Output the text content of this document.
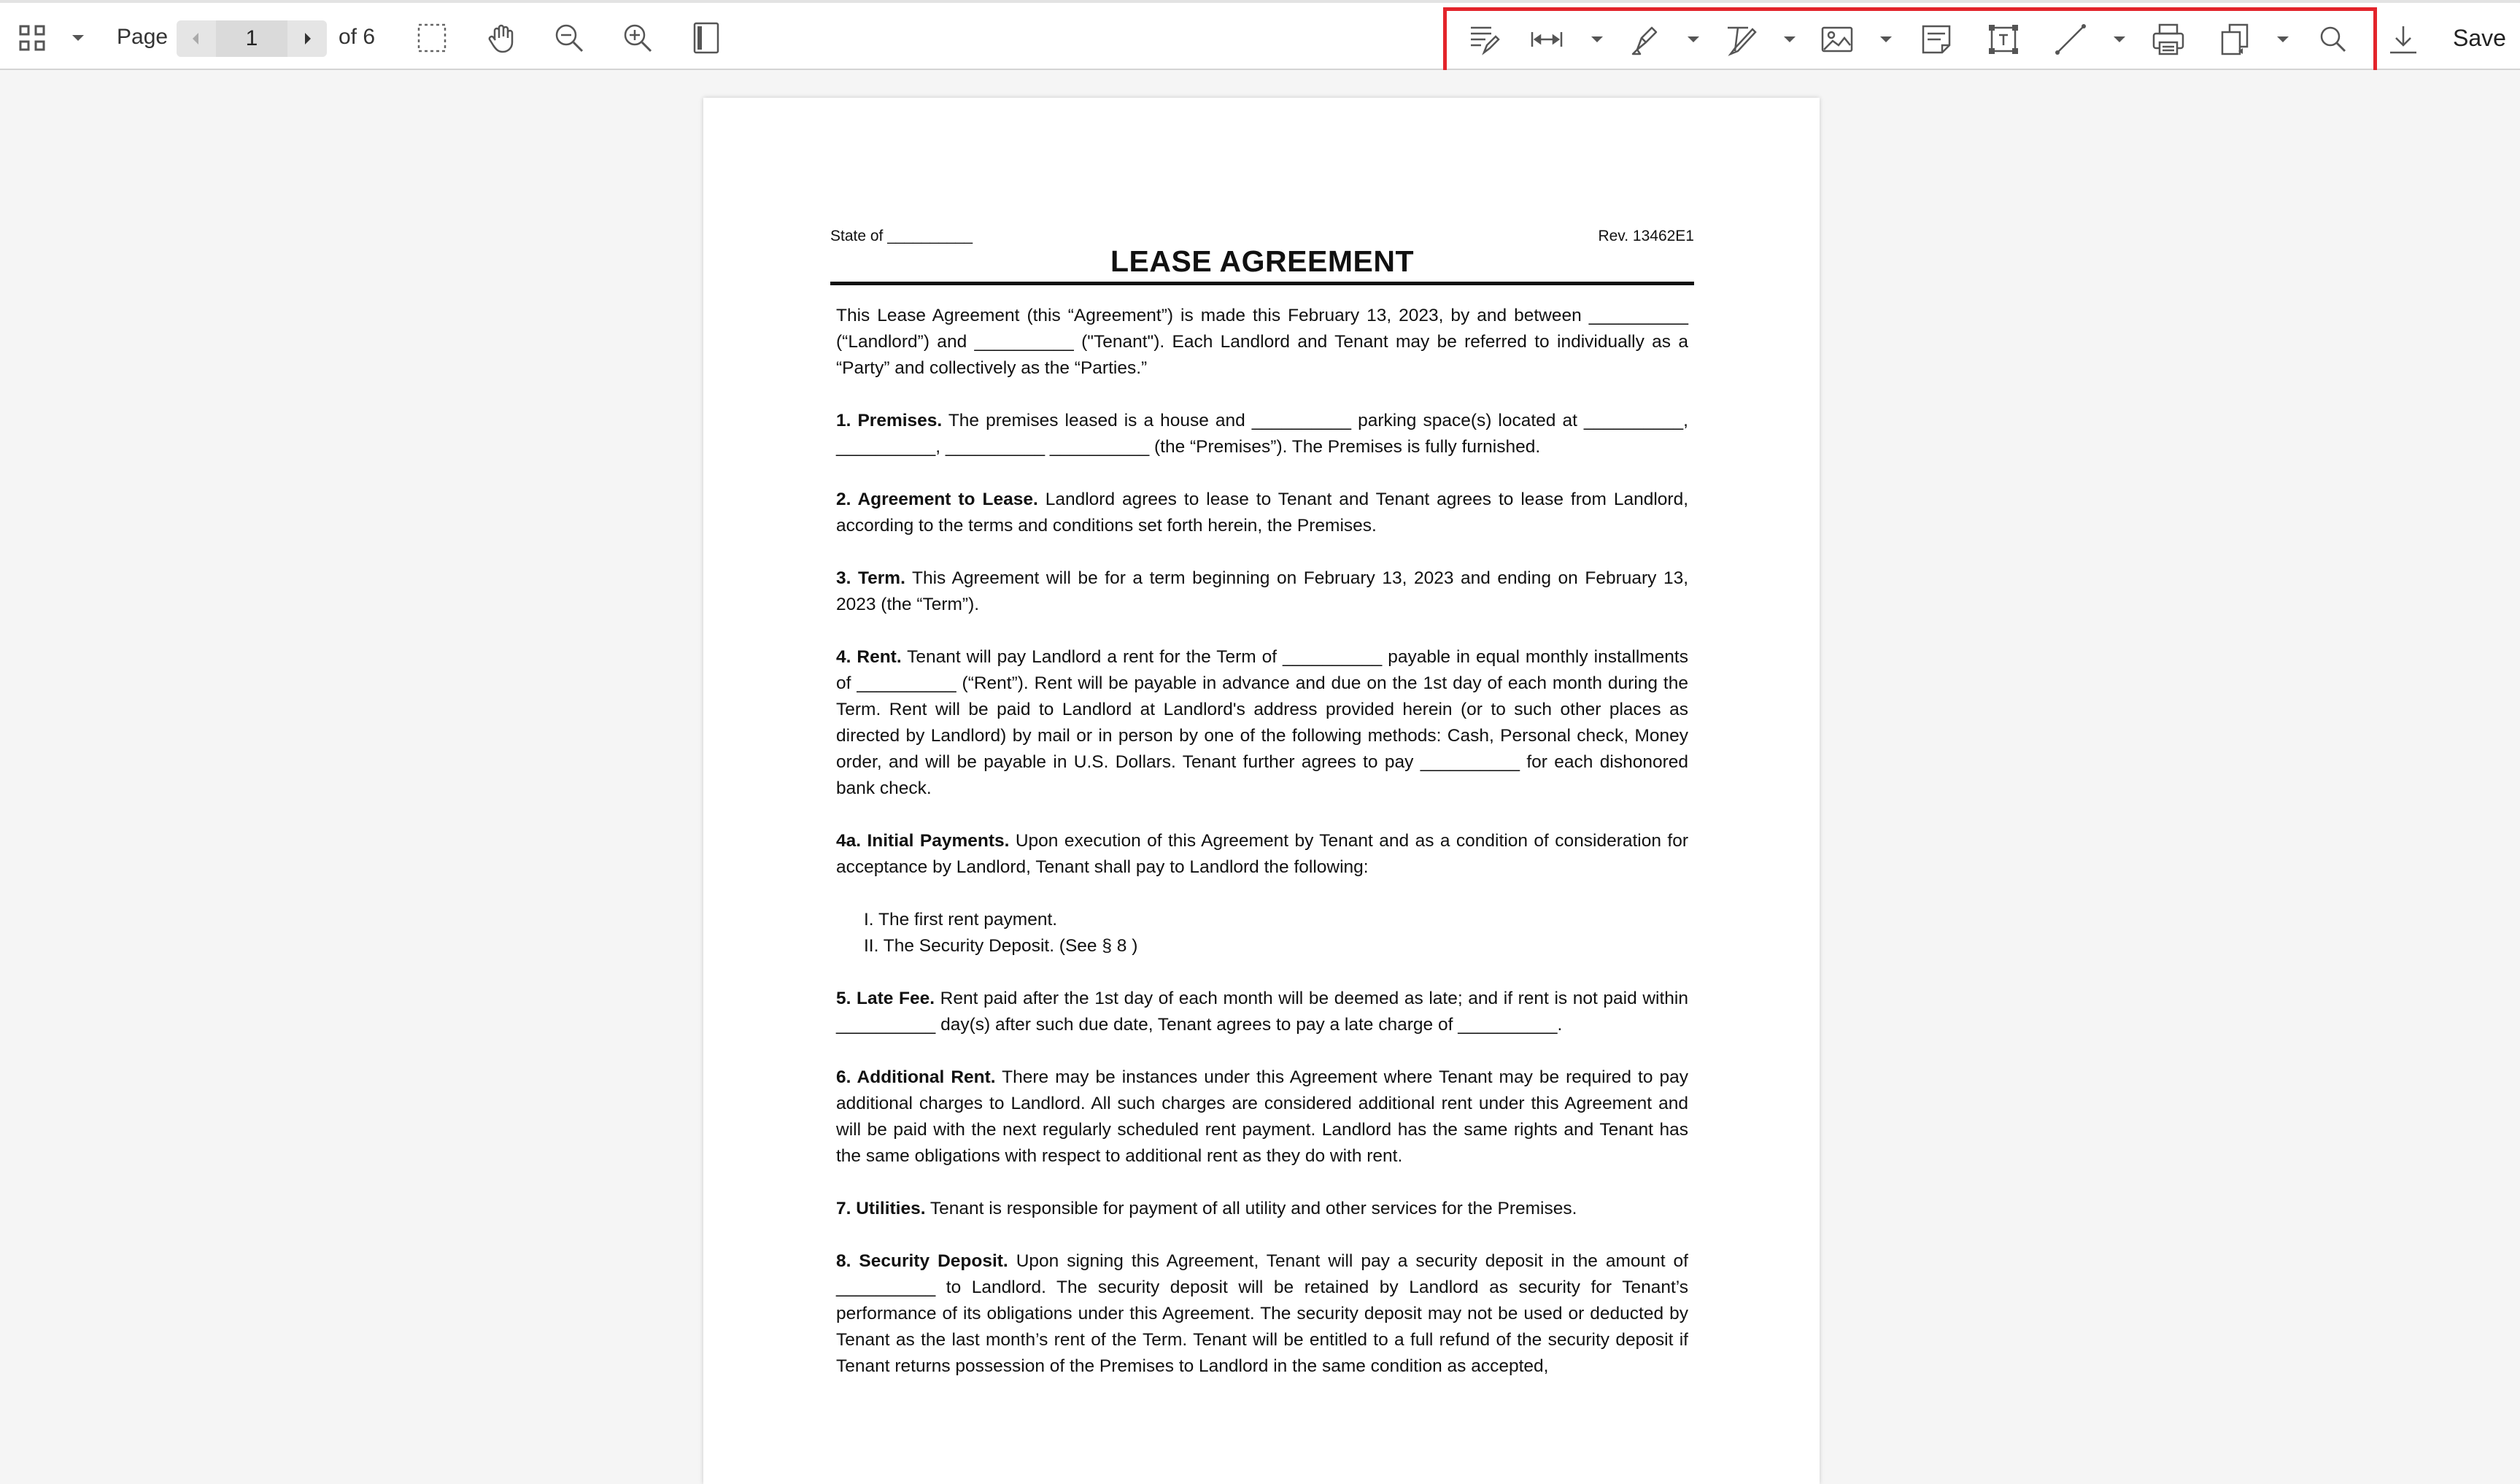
Page
1	of 6	Save
State of __________	Rev. 13462E1
LEASE AGREEMENT

This Lease Agreement (this “Agreement”) is made this February 13, 2023, by and between __________ (“Landlord”) and __________ ("Tenant"). Each Landlord and Tenant may be referred to individually as a “Party” and collectively as the “Parties.”

1. Premises. The premises leased is a house and __________ parking space(s) located at __________, __________, __________ __________ (the “Premises”). The Premises is fully furnished.

2. Agreement to Lease. Landlord agrees to lease to Tenant and Tenant agrees to lease from Landlord, according to the terms and conditions set forth herein, the Premises.

3. Term. This Agreement will be for a term beginning on February 13, 2023 and ending on February 13, 2023 (the “Term”).

4. Rent. Tenant will pay Landlord a rent for the Term of __________ payable in equal monthly installments of __________ (“Rent”). Rent will be payable in advance and due on the 1st day of each month during the Term. Rent will be paid to Landlord at Landlord's address provided herein (or to such other places as directed by Landlord) by mail or in person by one of the following methods: Cash, Personal check, Money order, and will be payable in U.S. Dollars. Tenant further agrees to pay __________ for each dishonored bank check.

4a. Initial Payments. Upon execution of this Agreement by Tenant and as a condition of consideration for acceptance by Landlord, Tenant shall pay to Landlord the following:

I. The first rent payment.
II. The Security Deposit. (See § 8 )

5. Late Fee. Rent paid after the 1st day of each month will be deemed as late; and if rent is not paid within __________ day(s) after such due date, Tenant agrees to pay a late charge of __________.

6. Additional Rent. There may be instances under this Agreement where Tenant may be required to pay additional charges to Landlord. All such charges are considered additional rent under this Agreement and will be paid with the next regularly scheduled rent payment. Landlord has the same rights and Tenant has the same obligations with respect to additional rent as they do with rent.

7. Utilities. Tenant is responsible for payment of all utility and other services for the Premises.

8. Security Deposit. Upon signing this Agreement, Tenant will pay a security deposit in the amount of __________ to Landlord. The security deposit will be retained by Landlord as security for Tenant’s performance of its obligations under this Agreement. The security deposit may not be used or deducted by Tenant as the last month’s rent of the Term. Tenant will be entitled to a full refund of the security deposit if Tenant returns possession of the Premises to Landlord in the same condition as accepted,
